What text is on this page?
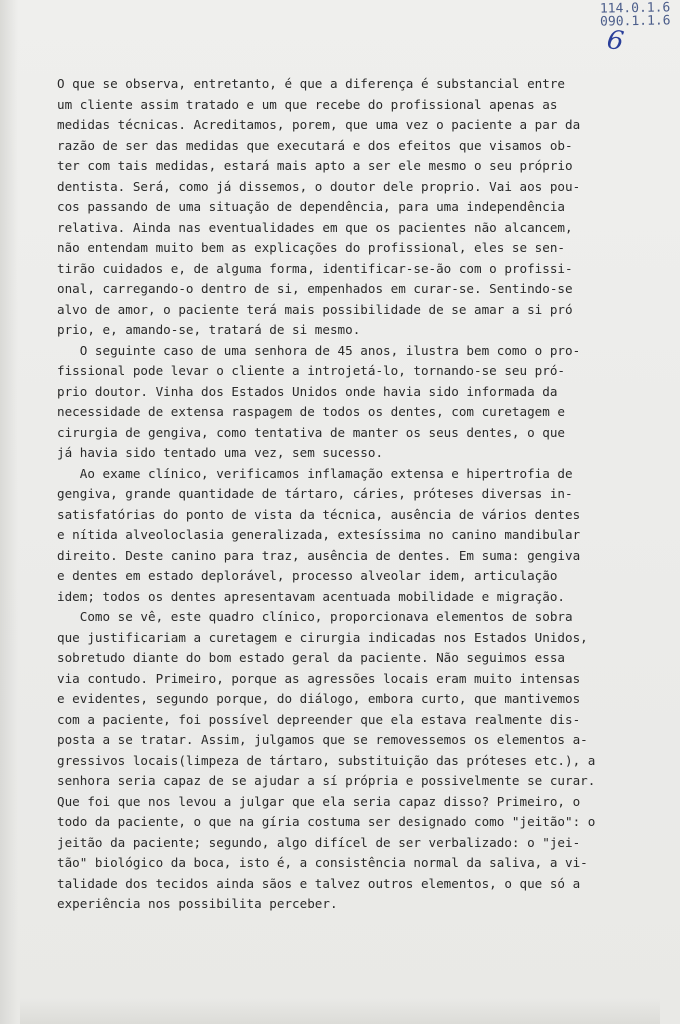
114.0.1.6
090.1.1.6
6
O que se observa, entretanto, é que a diferença é substancial entre
um cliente assim tratado e um que recebe do profissional apenas as
medidas técnicas. Acreditamos, porem, que uma vez o paciente a par da
razão de ser das medidas que executará e dos efeitos que visamos ob-
ter com tais medidas, estará mais apto a ser ele mesmo o seu próprio
dentista. Será, como já dissemos, o doutor dele proprio. Vai aos pou-
cos passando de uma situação de dependência, para uma independência
relativa. Ainda nas eventualidades em que os pacientes não alcancem,
não entendam muito bem as explicações do profissional, eles se sen-
tirão cuidados e, de alguma forma, identificar-se-ão com o profissi-
onal, carregando-o dentro de si, empenhados em curar-se. Sentindo-se
alvo de amor, o paciente terá mais possibilidade de se amar a si pró
prio, e, amando-se, tratará de si mesmo.
O seguinte caso de uma senhora de 45 anos, ilustra bem como o pro-
fissional pode levar o cliente a introjetá-lo, tornando-se seu pró-
prio doutor. Vinha dos Estados Unidos onde havia sido informada da
necessidade de extensa raspagem de todos os dentes, com curetagem e
cirurgia de gengiva, como tentativa de manter os seus dentes, o que
já havia sido tentado uma vez, sem sucesso.
Ao exame clínico, verificamos inflamação extensa e hipertrofia de
gengiva, grande quantidade de tártaro, cáries, próteses diversas in-
satisfatórias do ponto de vista da técnica, ausência de vários dentes
e nítida alveoloclasia generalizada, extesíssima no canino mandibular
direito. Deste canino para traz, ausência de dentes. Em suma: gengiva
e dentes em estado deplorável, processo alveolar idem, articulação
idem; todos os dentes apresentavam acentuada mobilidade e migração.
Como se vê, este quadro clínico, proporcionava elementos de sobra
que justificariam a curetagem e cirurgia indicadas nos Estados Unidos,
sobretudo diante do bom estado geral da paciente. Não seguimos essa
via contudo. Primeiro, porque as agressões locais eram muito intensas
e evidentes, segundo porque, do diálogo, embora curto, que mantivemos
com a paciente, foi possível depreender que ela estava realmente dis-
posta a se tratar. Assim, julgamos que se removessemos os elementos a-
gressivos locais(limpeza de tártaro, substituição das próteses etc.), a
senhora seria capaz de se ajudar a sí própria e possivelmente se curar.
Que foi que nos levou a julgar que ela seria capaz disso? Primeiro, o
todo da paciente, o que na gíria costuma ser designado como "jeitão": o
jeitão da paciente; segundo, algo difícel de ser verbalizado: o "jei-
tão" biológico da boca, isto é, a consistência normal da saliva, a vi-
talidade dos tecidos ainda sãos e talvez outros elementos, o que só a
experiência nos possibilita perceber.
